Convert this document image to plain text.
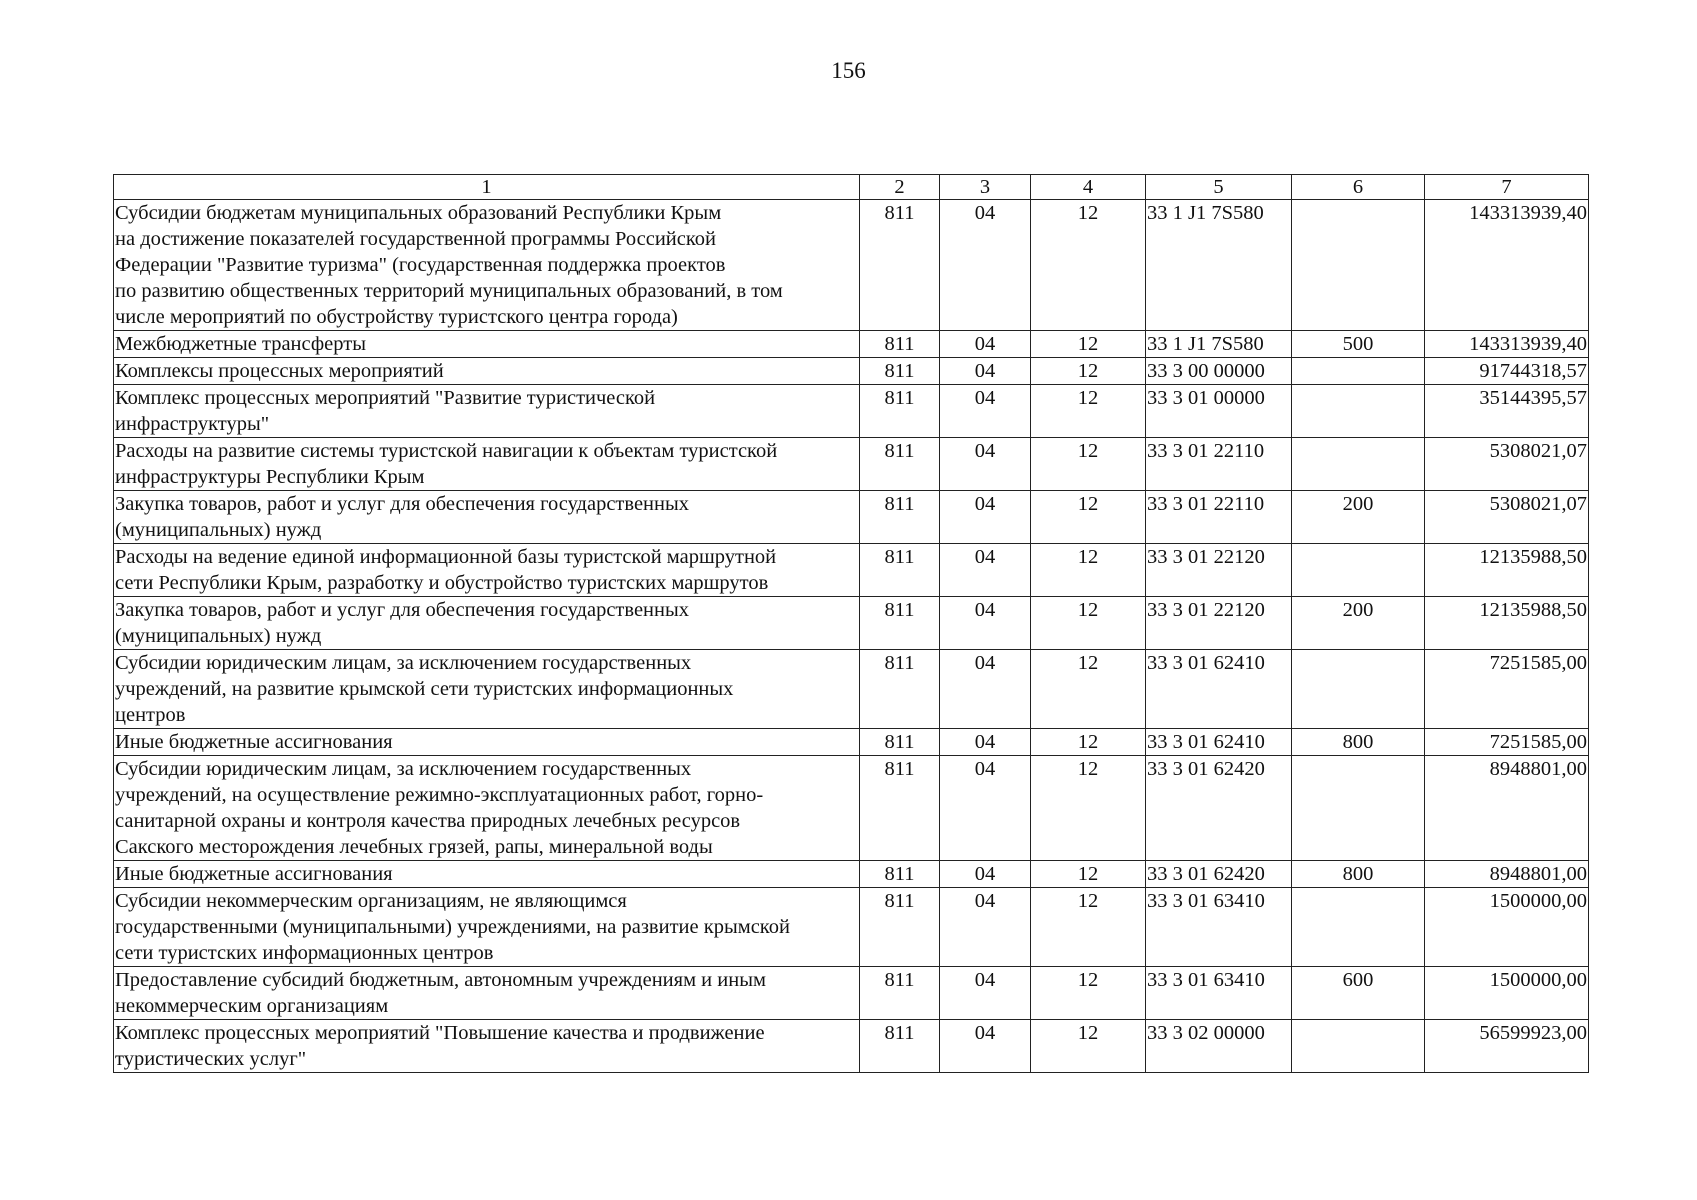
156
1	2	3	4	5	6	7
Субсидии бюджетам муниципальных образований Республики Крым
на достижение показателей государственной программы Российской
Федерации "Развитие туризма" (государственная поддержка проектов
по развитию общественных территорий муниципальных образований, в том
числе мероприятий по обустройству туристского центра города)	811	04	12	33 1 J1 7S580		143313939,40
Межбюджетные трансферты	811	04	12	33 1 J1 7S580	500	143313939,40
Комплексы процессных мероприятий	811	04	12	33 3 00 00000		91744318,57
Комплекс процессных мероприятий "Развитие туристической
инфраструктуры"	811	04	12	33 3 01 00000		35144395,57
Расходы на развитие системы туристской навигации к объектам туристской
инфраструктуры Республики Крым	811	04	12	33 3 01 22110		5308021,07
Закупка товаров, работ и услуг для обеспечения государственных
(муниципальных) нужд	811	04	12	33 3 01 22110	200	5308021,07
Расходы на ведение единой информационной базы туристской маршрутной
сети Республики Крым, разработку и обустройство туристских маршрутов	811	04	12	33 3 01 22120		12135988,50
Закупка товаров, работ и услуг для обеспечения государственных
(муниципальных) нужд	811	04	12	33 3 01 22120	200	12135988,50
Субсидии юридическим лицам, за исключением государственных
учреждений, на развитие крымской сети туристских информационных
центров	811	04	12	33 3 01 62410		7251585,00
Иные бюджетные ассигнования	811	04	12	33 3 01 62410	800	7251585,00
Субсидии юридическим лицам, за исключением государственных
учреждений, на осуществление режимно-эксплуатационных работ, горно-
санитарной охраны и контроля качества природных лечебных ресурсов
Сакского месторождения лечебных грязей, рапы, минеральной воды	811	04	12	33 3 01 62420		8948801,00
Иные бюджетные ассигнования	811	04	12	33 3 01 62420	800	8948801,00
Субсидии некоммерческим организациям, не являющимся
государственными (муниципальными) учреждениями, на развитие крымской
сети туристских информационных центров	811	04	12	33 3 01 63410		1500000,00
Предоставление субсидий бюджетным, автономным учреждениям и иным
некоммерческим организациям	811	04	12	33 3 01 63410	600	1500000,00
Комплекс процессных мероприятий "Повышение качества и продвижение
туристических услуг"	811	04	12	33 3 02 00000		56599923,00
